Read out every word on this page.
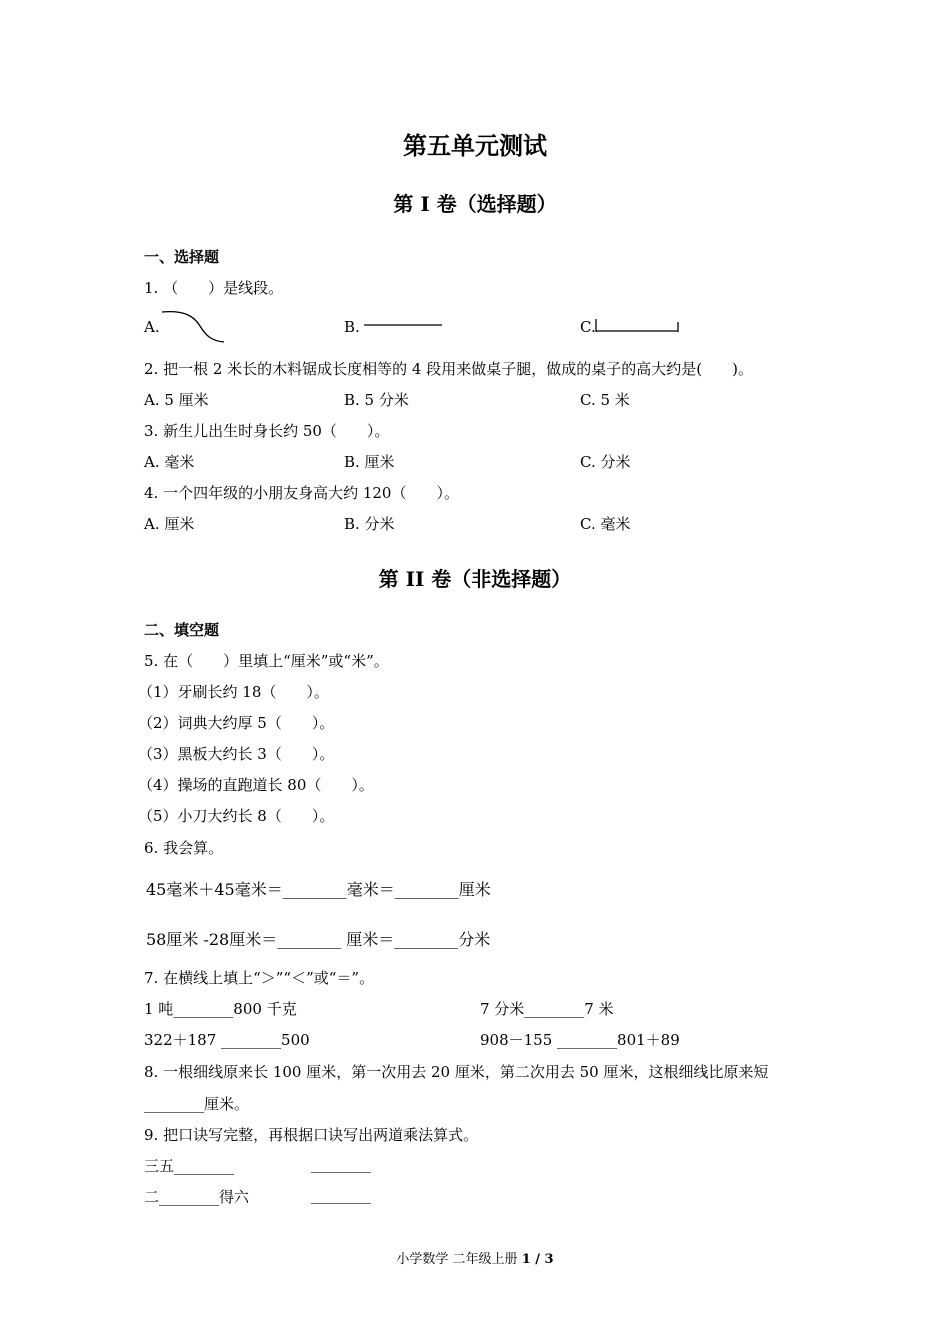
第五单元测试
第 I 卷（选择题）
一、选择题
1. （　　）是线段。
A.	B.	C.
2. 把一根 2 米长的木料锯成长度相等的 4 段用来做桌子腿，做成的桌子的高大约是(　　)。
A. 5 厘米	B. 5 分米	C. 5 米
3. 新生儿出生时身长约 50（　　）。
A. 毫米	B. 厘米	C. 分米
4. 一个四年级的小朋友身高大约 120（　　）。
A. 厘米	B. 分米	C. 毫米
第 II 卷（非选择题）
二、填空题
5. 在（　　）里填上“厘米”或“米”。
（1）牙刷长约 18（　　）。
（2）词典大约厚 5（　　）。
（3）黑板大约长 3（　　）。
（4）操场的直跑道长 80（　　）。
（5）小刀大约长 8（　　）。
6. 我会算。
45毫米＋45毫米＝________毫米＝________厘米
58厘米 -28厘米＝________ 厘米＝________分米
7. 在横线上填上“＞”“＜”或“＝”。
1 吨________800 千克	7 分米________7 米
322＋187 ________500	908－155 ________801＋89
8. 一根细线原来长 100 厘米，第一次用去 20 厘米，第二次用去 50 厘米，这根细线比原来短
________厘米。
9. 把口诀写完整，再根据口诀写出两道乘法算式。
三五________	________
二________得六	________
小学数学 二年级上册 1 / 3
